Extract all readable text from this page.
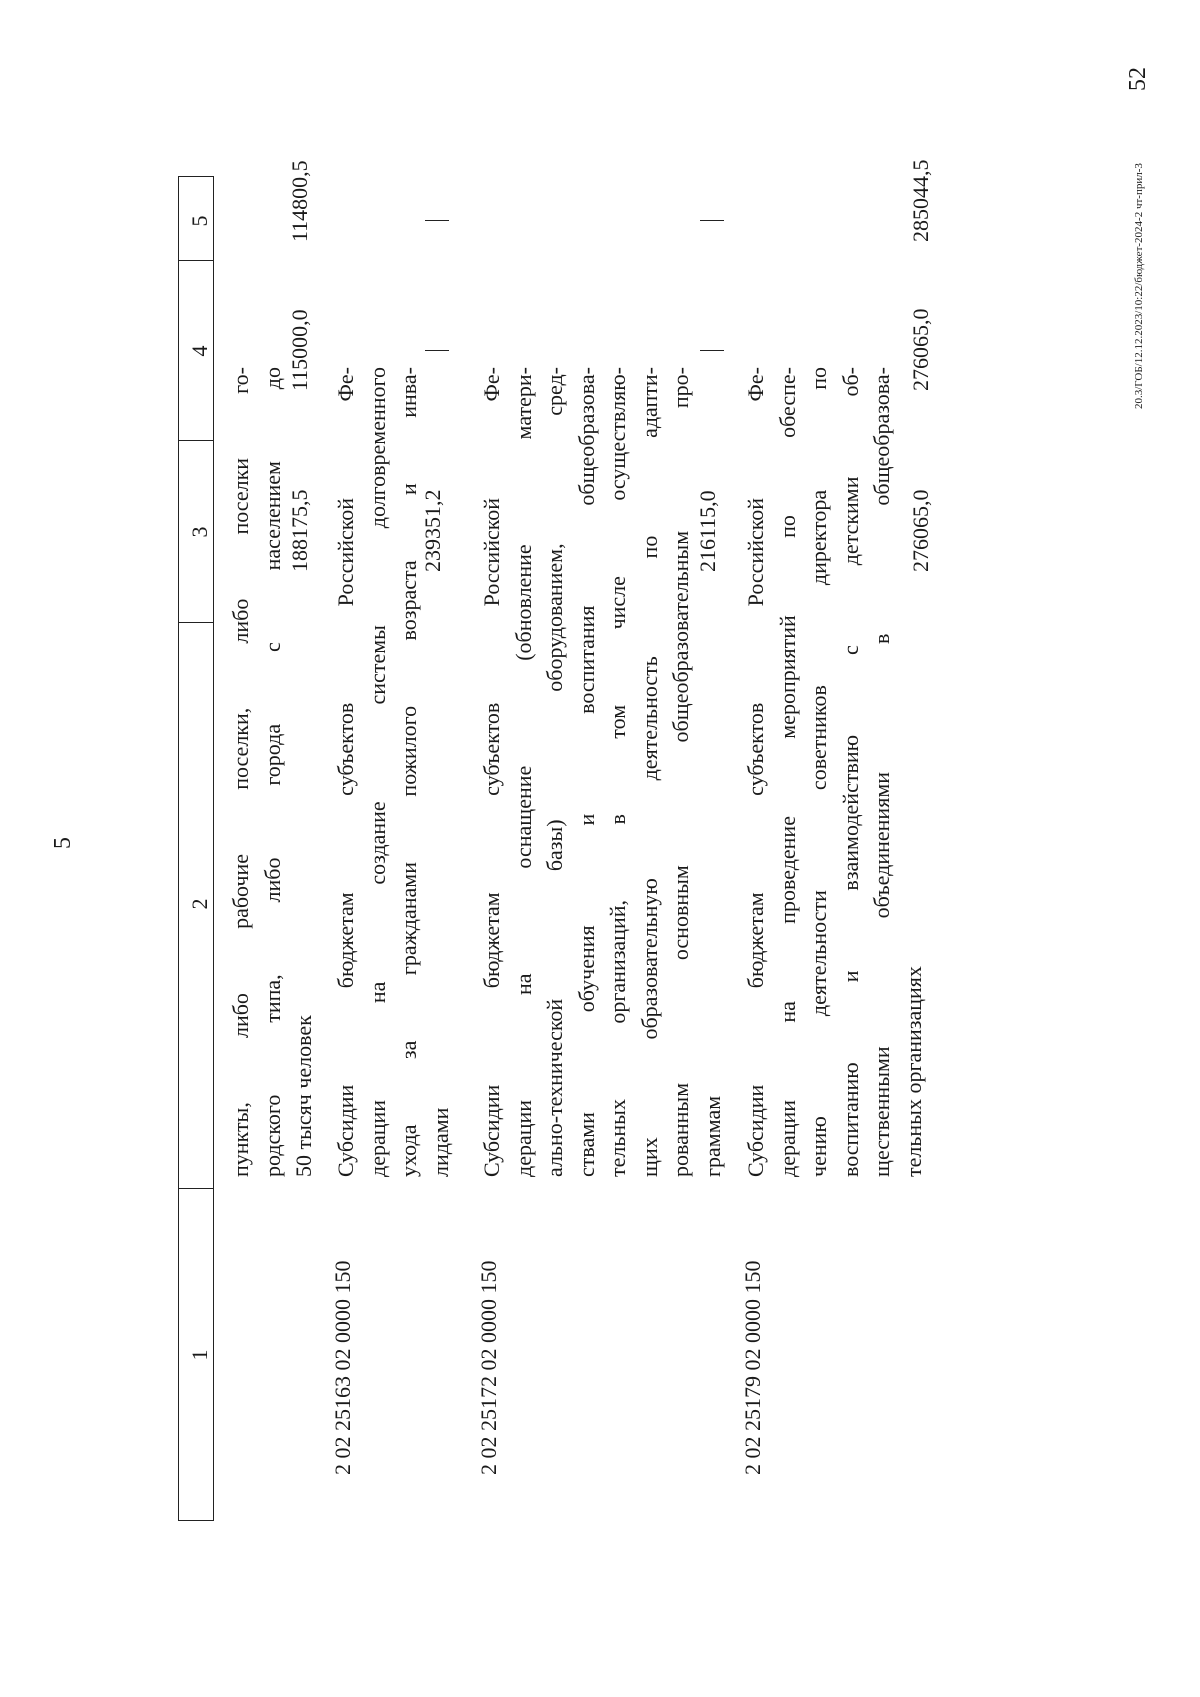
5
1
2
3
4
5
пункты, либо рабочие поселки, либо поселки го- родского типа, либо города с населением до 50 тысяч человек
188175,5
115000,0
114800,5
2 02 25163 02 0000 150
Субсидии бюджетам субъектов Российской Фе- дерации на создание системы долговременного ухода за гражданами пожилого возраста и инва- лидами
239351,2
2 02 25172 02 0000 150
Субсидии бюджетам субъектов Российской Фе- дерации на оснащение (обновление матери- ально-технической базы) оборудованием, сред- ствами обучения и воспитания общеобразова- тельных организаций, в том числе осуществляю- щих образовательную деятельность по адапти- рованным основным общеобразовательным про- граммам
216115,0
2 02 25179 02 0000 150
Субсидии бюджетам субъектов Российской Фе- дерации на проведение мероприятий по обеспе- чению деятельности советников директора по воспитанию и взаимодействию с детскими об- щественными объединениями в общеобразова- тельных организациях
276065,0
276065,0
285044,5	20.3/ГОБ/12.12.2023/10:22/бюджет-2024-2 чт-прил-3
52
